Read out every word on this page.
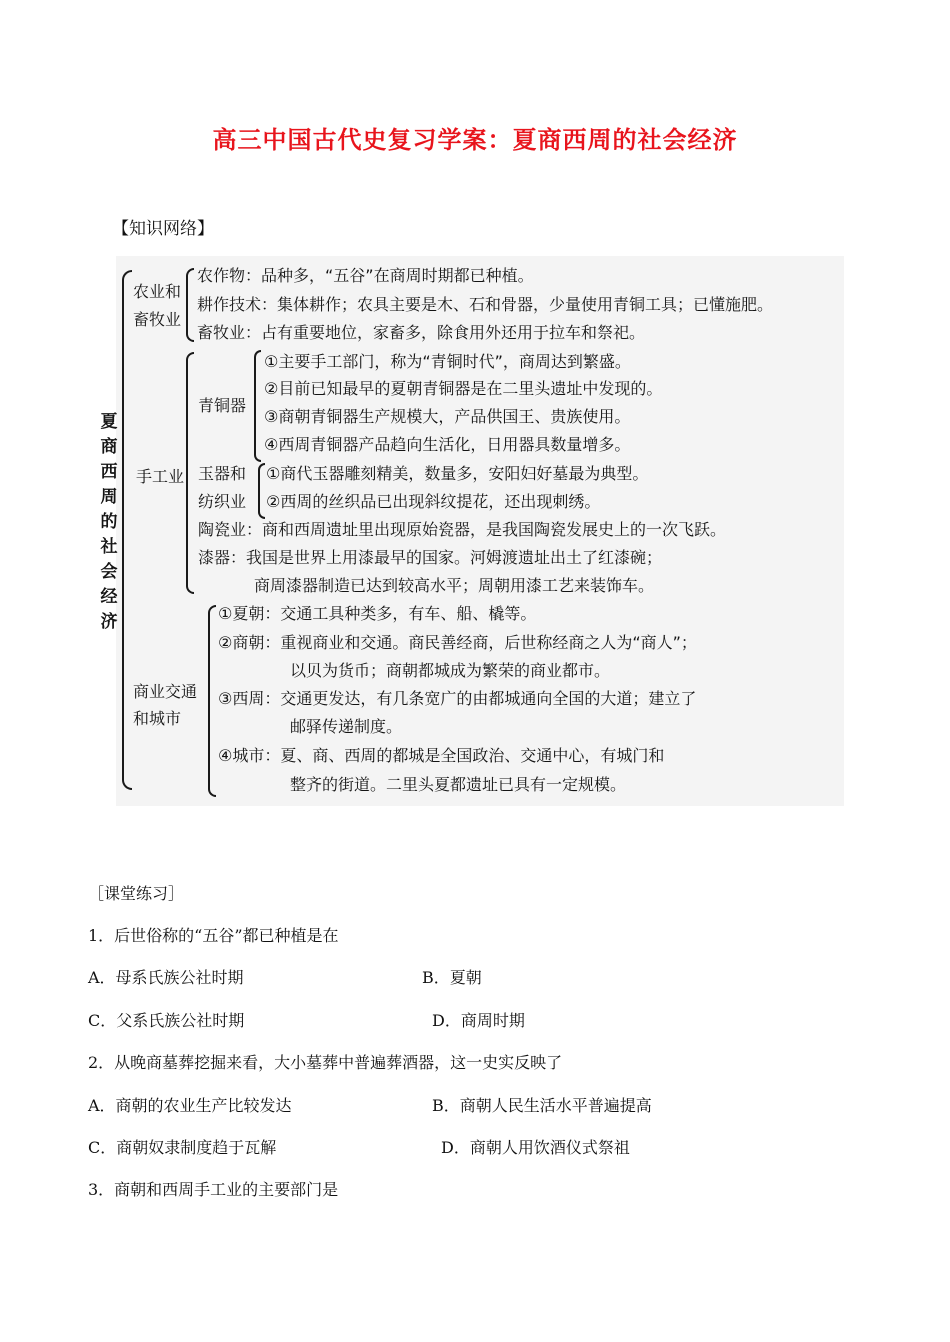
高三中国古代史复习学案：夏商西周的社会经济
【知识网络】
夏
商
西
周
的
社
会
经
济
农业和
畜牧业
农作物：品种多，“五谷”在商周时期都已种植。
耕作技术：集体耕作；农具主要是木、石和骨器，少量使用青铜工具；已懂施肥。
畜牧业：占有重要地位，家畜多，除食用外还用于拉车和祭祀。
手工业
青铜器
①主要手工部门，称为“青铜时代”，商周达到繁盛。
②目前已知最早的夏朝青铜器是在二里头遗址中发现的。
③商朝青铜器生产规模大，产品供国王、贵族使用。
④西周青铜器产品趋向生活化，日用器具数量增多。
玉器和
纺织业
①商代玉器雕刻精美，数量多，安阳妇好墓最为典型。
②西周的丝织品已出现斜纹提花，还出现刺绣。
陶瓷业：商和西周遗址里出现原始瓷器，是我国陶瓷发展史上的一次飞跃。
漆器：我国是世界上用漆最早的国家。河姆渡遗址出土了红漆碗；
商周漆器制造已达到较高水平；周朝用漆工艺来装饰车。
商业交通
和城市
①夏朝：交通工具种类多，有车、船、橇等。
②商朝：重视商业和交通。商民善经商，后世称经商之人为“商人”；
以贝为货币；商朝都城成为繁荣的商业都市。
③西周：交通更发达，有几条宽广的由都城通向全国的大道；建立了
邮驿传递制度。
④城市：夏、商、西周的都城是全国政治、交通中心，有城门和
整齐的街道。二里头夏都遗址已具有一定规模。
［课堂练习］
1．后世俗称的“五谷”都已种植是在
A．母系氏族公社时期	B．夏朝
C．父系氏族公社时期	D．商周时期
2．从晚商墓葬挖掘来看，大小墓葬中普遍葬酒器，这一史实反映了
A．商朝的农业生产比较发达	B．商朝人民生活水平普遍提高
C．商朝奴隶制度趋于瓦解	D．商朝人用饮酒仪式祭祖
3．商朝和西周手工业的主要部门是
